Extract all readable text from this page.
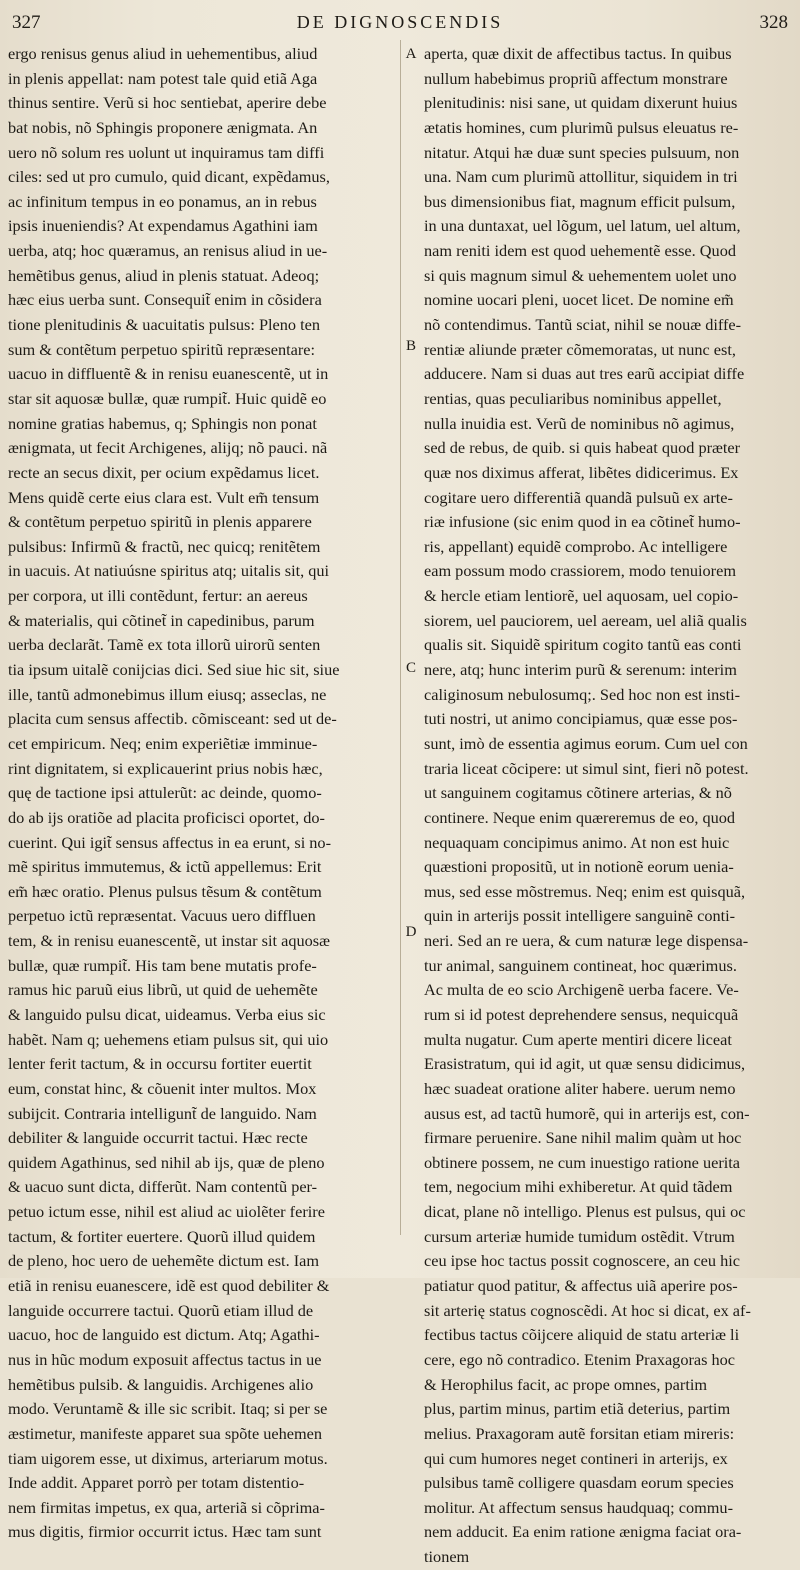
327	DE DIGNOSCENDIS	328
A
B
C
D
ergo renisus genus aliud in uehementibus, aliud
in plenis appellat: nam potest tale quid etiã Aga
thinus sentire. Verũ si hoc sentiebat, aperire debe
bat nobis, nõ Sphingis proponere ænigmata. An
uero nõ solum res uolunt ut inquiramus tam diffi
ciles: sed ut pro cumulo, quid dicant, expẽdamus,
ac infinitum tempus in eo ponamus, an in rebus
ipsis inueniendis? At expendamus Agathini iam
uerba, atq; hoc quæramus, an renisus aliud in ue-
hemẽtibus genus, aliud in plenis statuat. Adeoq;
hæc eius uerba sunt. Consequit̃ enim in cõsidera
tione plenitudinis & uacuitatis pulsus: Pleno ten
sum & contẽtum perpetuo spiritũ repræsentare:
uacuo in diffluentẽ & in renisu euanescentẽ, ut in
star sit aquosæ bullæ, quæ rumpit̃. Huic quidẽ eo
nomine gratias habemus, q; Sphingis non ponat
ænigmata, ut fecit Archigenes, alijq; nõ pauci. nã
recte an secus dixit, per ocium expẽdamus licet.
Mens quidẽ certe eius clara est. Vult em̃ tensum
& contẽtum perpetuo spiritũ in plenis apparere
pulsibus: Infirmũ & fractũ, nec quicq; renitẽtem
in uacuis. At natiuúsne spiritus atq; uitalis sit, qui
per corpora, ut illi contẽdunt, fertur: an aereus
& materialis, qui cõtinet̃ in capedinibus, parum
uerba declarãt. Tamẽ ex tota illorũ uirorũ senten
tia ipsum uitalẽ conijcias dici. Sed siue hic sit, siue
ille, tantũ admonebimus illum eiusq; asseclas, ne
placita cum sensus affectib. cõmisceant: sed ut de-
cet empiricum. Neq; enim experiẽtiæ imminue-
rint dignitatem, si explicauerint prius nobis hæc,
quę de tactione ipsi attulerũt: ac deinde, quomo-
do ab ijs oratiõe ad placita proficisci oportet, do-
cuerint. Qui igit̃ sensus affectus in ea erunt, si no-
mẽ spiritus immutemus, & ictũ appellemus: Erit
em̃ hæc oratio. Plenus pulsus tẽsum & contẽtum
perpetuo ictũ repræsentat. Vacuus uero diffluen
tem, & in renisu euanescentẽ, ut instar sit aquosæ
bullæ, quæ rumpit̃. His tam bene mutatis profe-
ramus hic paruũ eius librũ, ut quid de uehemẽte
& languido pulsu dicat, uideamus. Verba eius sic
habẽt. Nam q; uehemens etiam pulsus sit, qui uio
lenter ferit tactum, & in occursu fortiter euertit
eum, constat hinc, & cõuenit inter multos. Mox
subijcit. Contraria intelligunt̃ de languido. Nam
debiliter & languide occurrit tactui. Hæc recte
quidem Agathinus, sed nihil ab ijs, quæ de pleno
& uacuo sunt dicta, differũt. Nam contentũ per-
petuo ictum esse, nihil est aliud ac uiolẽter ferire
tactum, & fortiter euertere. Quorũ illud quidem
de pleno, hoc uero de uehemẽte dictum est. Iam
etiã in renisu euanescere, idẽ est quod debiliter &
languide occurrere tactui. Quorũ etiam illud de
uacuo, hoc de languido est dictum. Atq; Agathi-
nus in hũc modum exposuit affectus tactus in ue
hemẽtibus pulsib. & languidis. Archigenes alio
modo. Veruntamẽ & ille sic scribit. Itaq; si per se
æstimetur, manifeste apparet sua spõte uehemen
tiam uigorem esse, ut diximus, arteriarum motus.
Inde addit. Apparet porrò per totam distentio-
nem firmitas impetus, ex qua, arteriã si cõprima-
mus digitis, firmior occurrit ictus. Hæc tam sunt
aperta, quæ dixit de affectibus tactus. In quibus
nullum habebimus propriũ affectum monstrare
plenitudinis: nisi sane, ut quidam dixerunt huius
ætatis homines, cum plurimũ pulsus eleuatus re-
nitatur. Atqui hæ duæ sunt species pulsuum, non
una. Nam cum plurimũ attollitur, siquidem in tri
bus dimensionibus fiat, magnum efficit pulsum,
in una duntaxat, uel lõgum, uel latum, uel altum,
nam reniti idem est quod uehementẽ esse. Quod
si quis magnum simul & uehementem uolet uno
nomine uocari pleni, uocet licet. De nomine em̃
nõ contendimus. Tantũ sciat, nihil se nouæ diffe-
rentiæ aliunde præter cõmemoratas, ut nunc est,
adducere. Nam si duas aut tres earũ accipiat diffe
rentias, quas peculiaribus nominibus appellet,
nulla inuidia est. Verũ de nominibus nõ agimus,
sed de rebus, de quib. si quis habeat quod præter
quæ nos diximus afferat, libẽtes didicerimus. Ex
cogitare uero differentiã quandã pulsuũ ex arte-
riæ infusione (sic enim quod in ea cõtinet̃ humo-
ris, appellant) equidẽ comprobo. Ac intelligere
eam possum modo crassiorem, modo tenuiorem
& hercle etiam lentiorẽ, uel aquosam, uel copio-
siorem, uel pauciorem, uel aeream, uel aliã qualis
qualis sit. Siquidẽ spiritum cogito tantũ eas conti
nere, atq; hunc interim purũ & serenum: interim
caliginosum nebulosumq;. Sed hoc non est insti-
tuti nostri, ut animo concipiamus, quæ esse pos-
sunt, imò de essentia agimus eorum. Cum uel con
traria liceat cõcipere: ut simul sint, fieri nõ potest.
ut sanguinem cogitamus cõtinere arterias, & nõ
continere. Neque enim quæreremus de eo, quod
nequaquam concipimus animo. At non est huic
quæstioni propositũ, ut in notionẽ eorum uenia-
mus, sed esse mõstremus. Neq; enim est quisquã,
quin in arterijs possit intelligere sanguinẽ conti-
neri. Sed an re uera, & cum naturæ lege dispensa-
tur animal, sanguinem contineat, hoc quærimus.
Ac multa de eo scio Archigenẽ uerba facere. Ve-
rum si id potest deprehendere sensus, nequicquã
multa nugatur. Cum aperte mentiri dicere liceat
Erasistratum, qui id agit, ut quæ sensu didicimus,
hæc suadeat oratione aliter habere. uerum nemo
ausus est, ad tactũ humorẽ, qui in arterijs est, con-
firmare peruenire. Sane nihil malim quàm ut hoc
obtinere possem, ne cum inuestigo ratione uerita
tem, negocium mihi exhiberetur. At quid tãdem
dicat, plane nõ intelligo. Plenus est pulsus, qui oc
cursum arteriæ humide tumidum ostẽdit. Vtrum
ceu ipse hoc tactus possit cognoscere, an ceu hic
patiatur quod patitur, & affectus uiã aperire pos-
sit arterię status cognoscẽdi. At hoc si dicat, ex af-
fectibus tactus cõijcere aliquid de statu arteriæ li
cere, ego nõ contradico. Etenim Praxagoras hoc
& Herophilus facit, ac prope omnes, partim
plus, partim minus, partim etiã deterius, partim
melius. Praxagoram autẽ forsitan etiam mireris:
qui cum humores neget contineri in arterijs, ex
pulsibus tamẽ colligere quasdam eorum species
molitur. At affectum sensus haudquaq; commu-
nem adducit. Ea enim ratione ænigma faciat ora-
tionem
